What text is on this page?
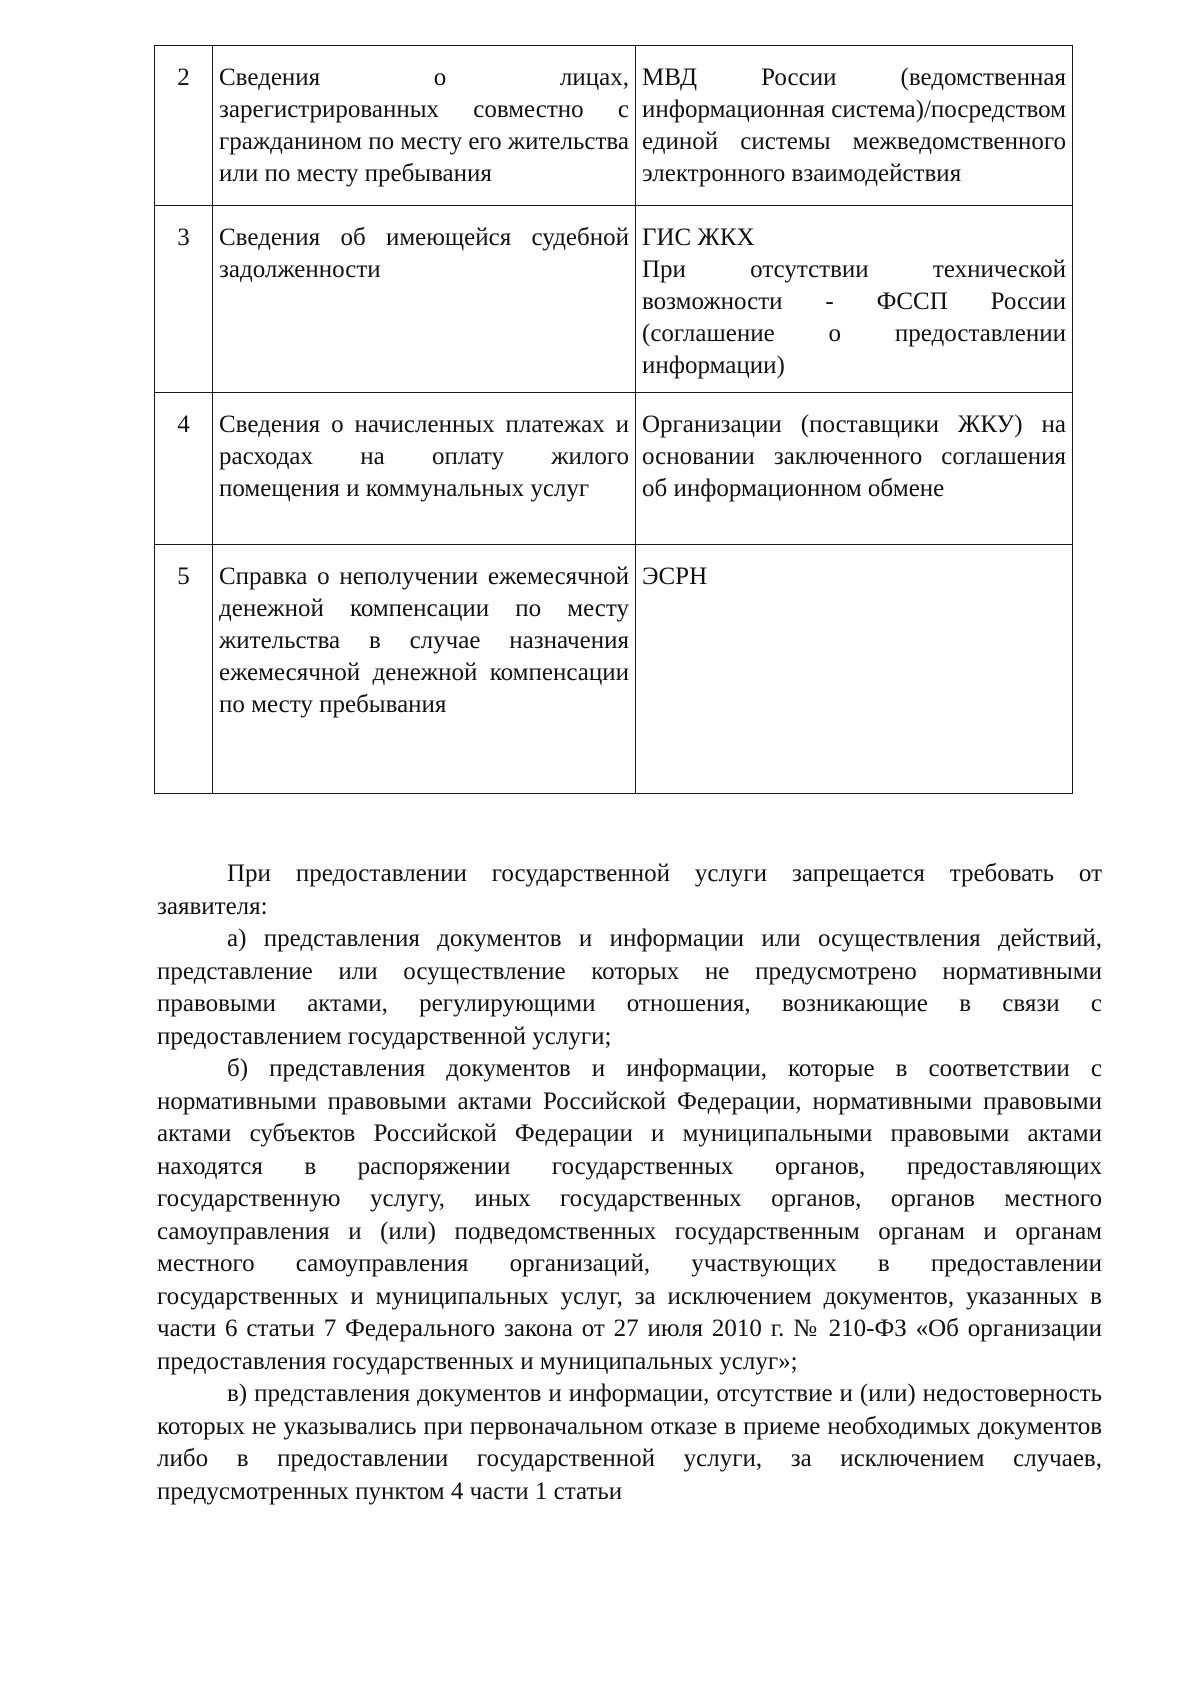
2	Сведения о лицах, зарегистрированных совместно с гражданином по месту его жительства или по месту пребывания	МВД России (ведомственная информационная система)/посредством единой системы межведомственного электронного взаимодействия
3	Сведения об имеющейся судебной задолженности	ГИС ЖКХ
При отсутствии технической возможности - ФССП России (соглашение о предоставлении информации)

4	Сведения о начисленных платежах и расходах на оплату жилого помещения и коммунальных услуг	Организации (поставщики ЖКУ) на основании заключенного соглашения об информационном обмене
5	Справка о неполучении ежемесячной денежной компенсации по месту жительства в случае назначения ежемесячной денежной компенсации по месту пребывания	ЭСРН

При предоставлении государственной услуги запрещается требовать от заявителя:

а) представления документов и информации или осуществления действий, представление или осуществление которых не предусмотрено нормативными правовыми актами, регулирующими отношения, возникающие в связи с предоставлением государственной услуги;

б) представления документов и информации, которые в соответствии с нормативными правовыми актами Российской Федерации, нормативными правовыми актами субъектов Российской Федерации и муниципальными правовыми актами находятся в распоряжении государственных органов, предоставляющих государственную услугу, иных государственных органов, органов местного самоуправления и (или) подведомственных государственным органам и органам местного самоуправления организаций, участвующих в предоставлении государственных и муниципальных услуг, за исключением документов, указанных в части 6 статьи 7 Федерального закона от 27 июля 2010 г. № 210-ФЗ «Об организации предоставления государственных и муниципальных услуг»;

в) представления документов и информации, отсутствие и (или) недостоверность которых не указывались при первоначальном отказе в приеме необходимых документов либо в предоставлении государственной услуги, за исключением случаев, предусмотренных пунктом 4 части 1 статьи
